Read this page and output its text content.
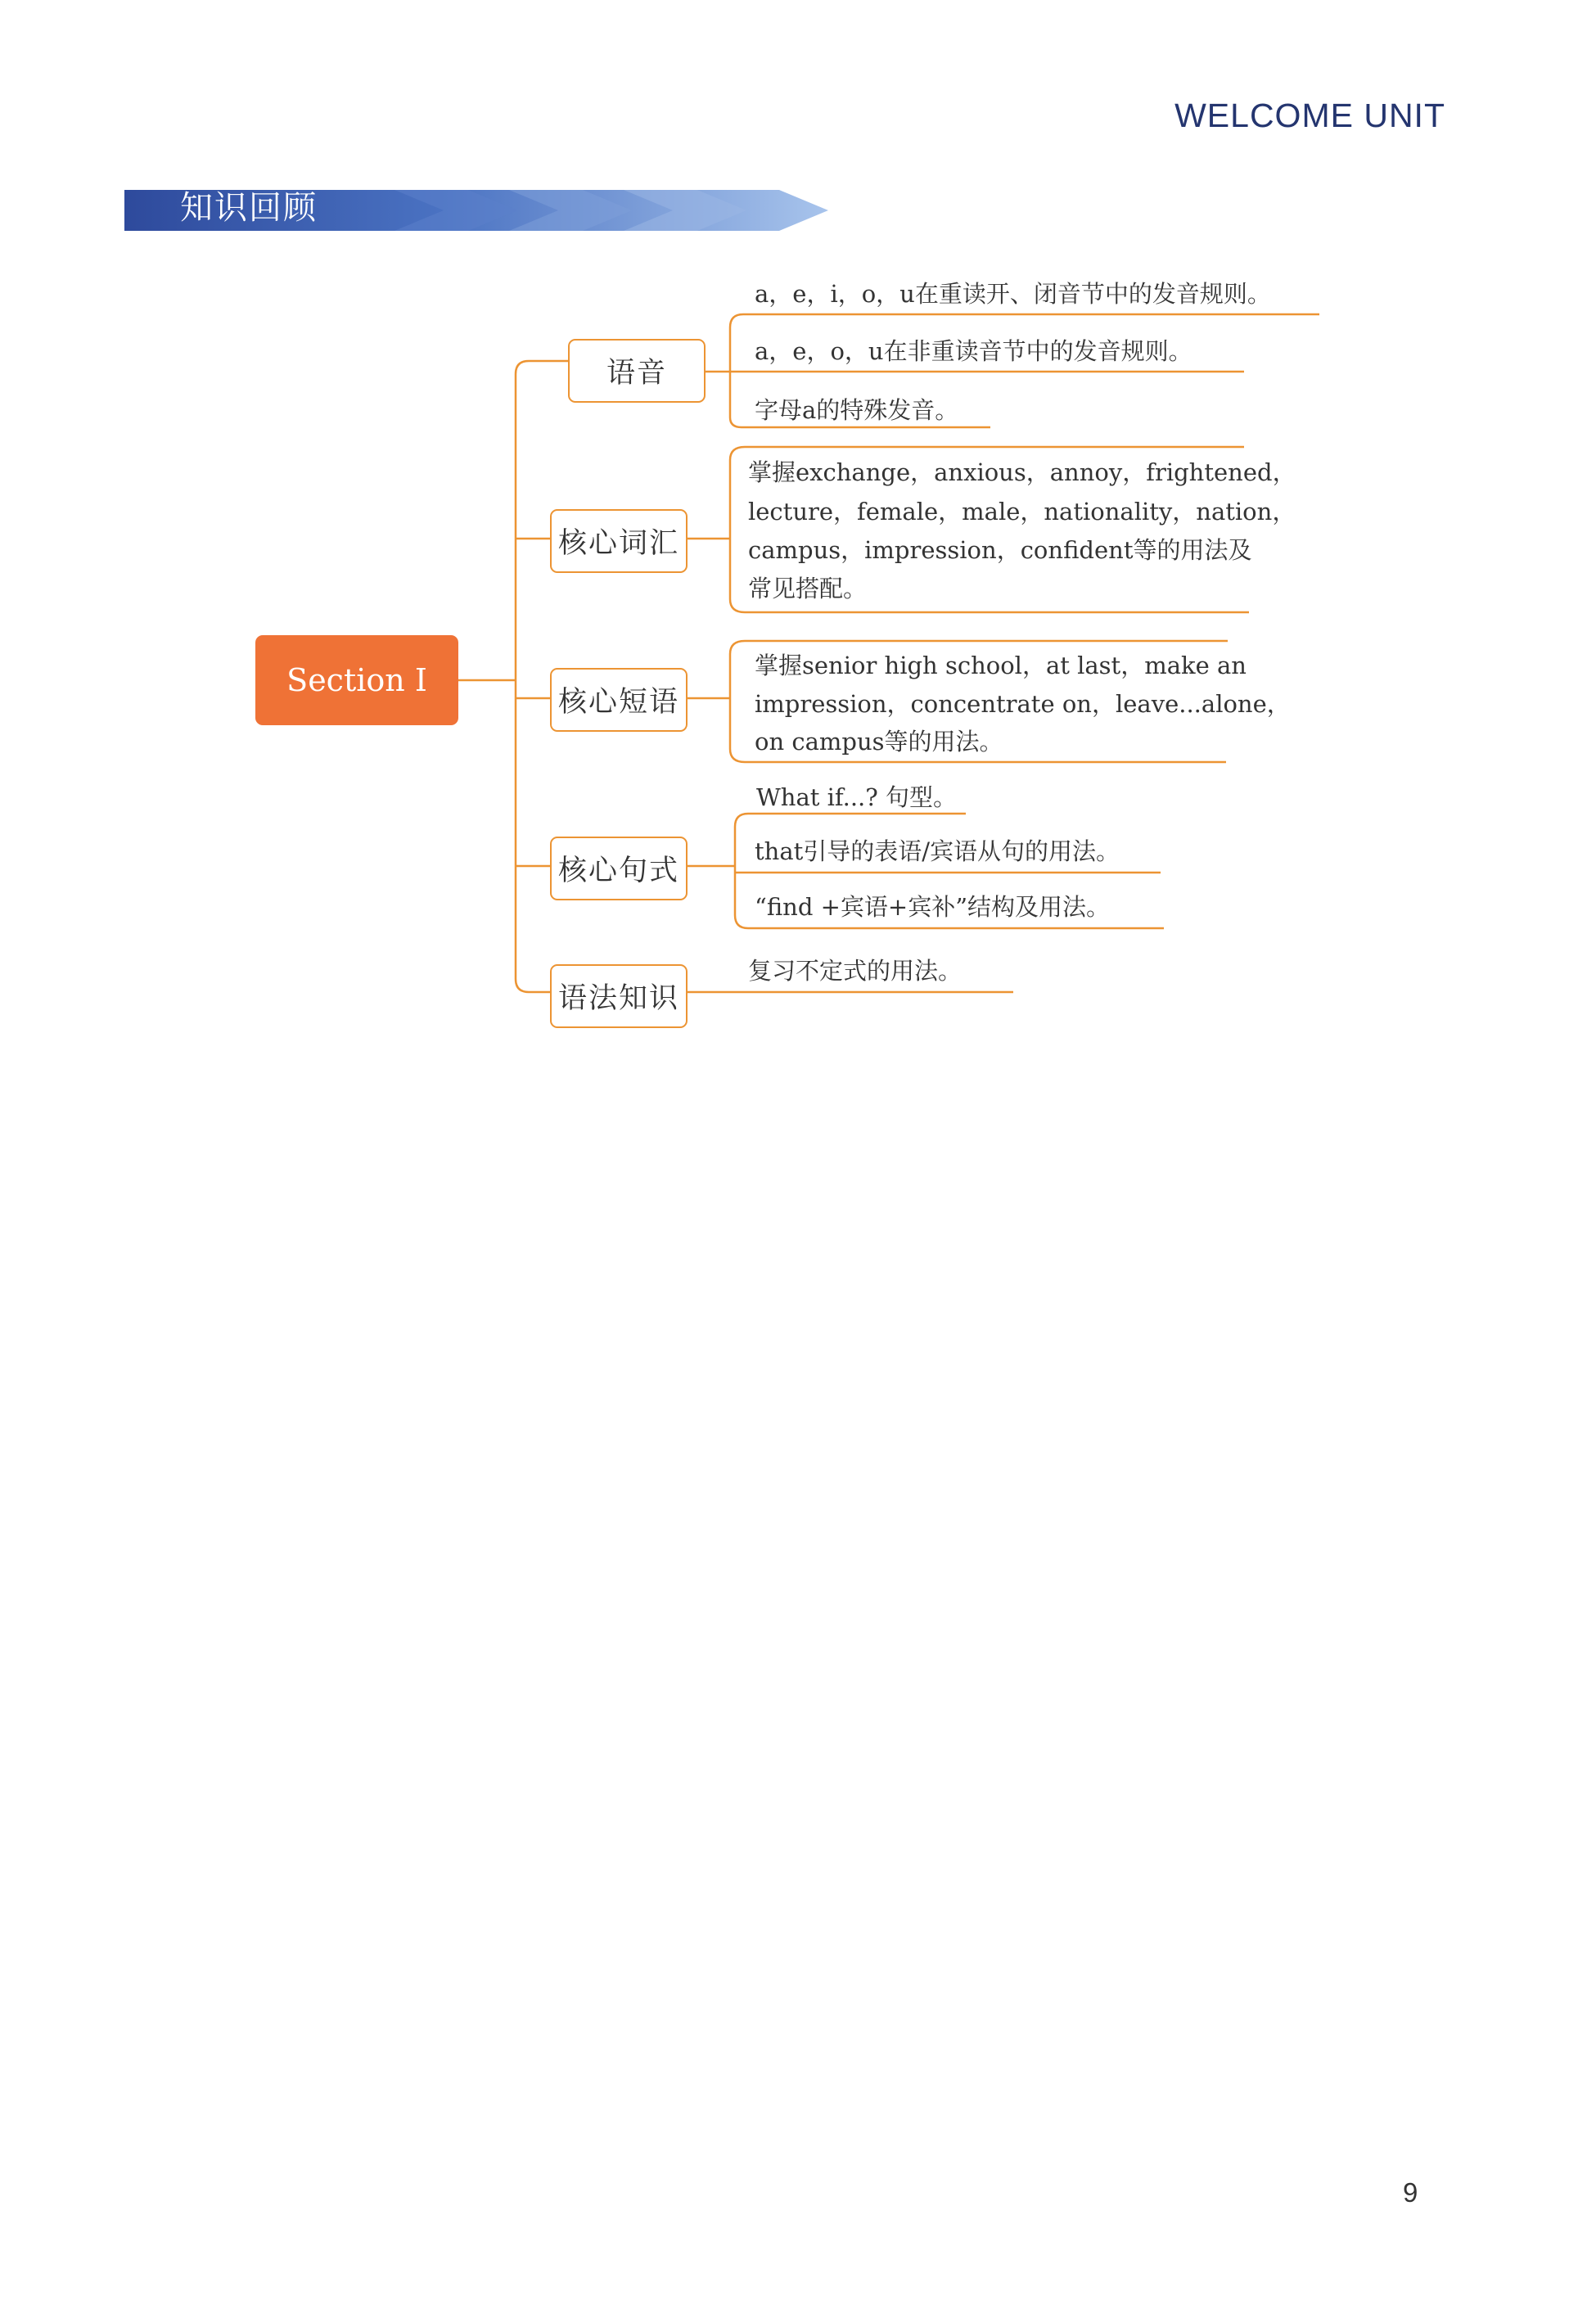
WELCOME UNIT
知识回顾
Section I
语音
核心词汇
核心短语
核心句式
语法知识
a，e，i，o，u在重读开、闭音节中的发音规则。
a，e，o，u在非重读音节中的发音规则。
字母a的特殊发音。
掌握exchange，anxious，annoy，frightened，
lecture，female，male，nationality，nation，
campus，impression，confident等的用法及
常见搭配。
掌握senior high school，at last，make an
impression，concentrate on，leave...alone，
on campus等的用法。
What if...? 句型。
that引导的表语/宾语从句的用法。
“find +宾语+宾补”结构及用法。
复习不定式的用法。
9
